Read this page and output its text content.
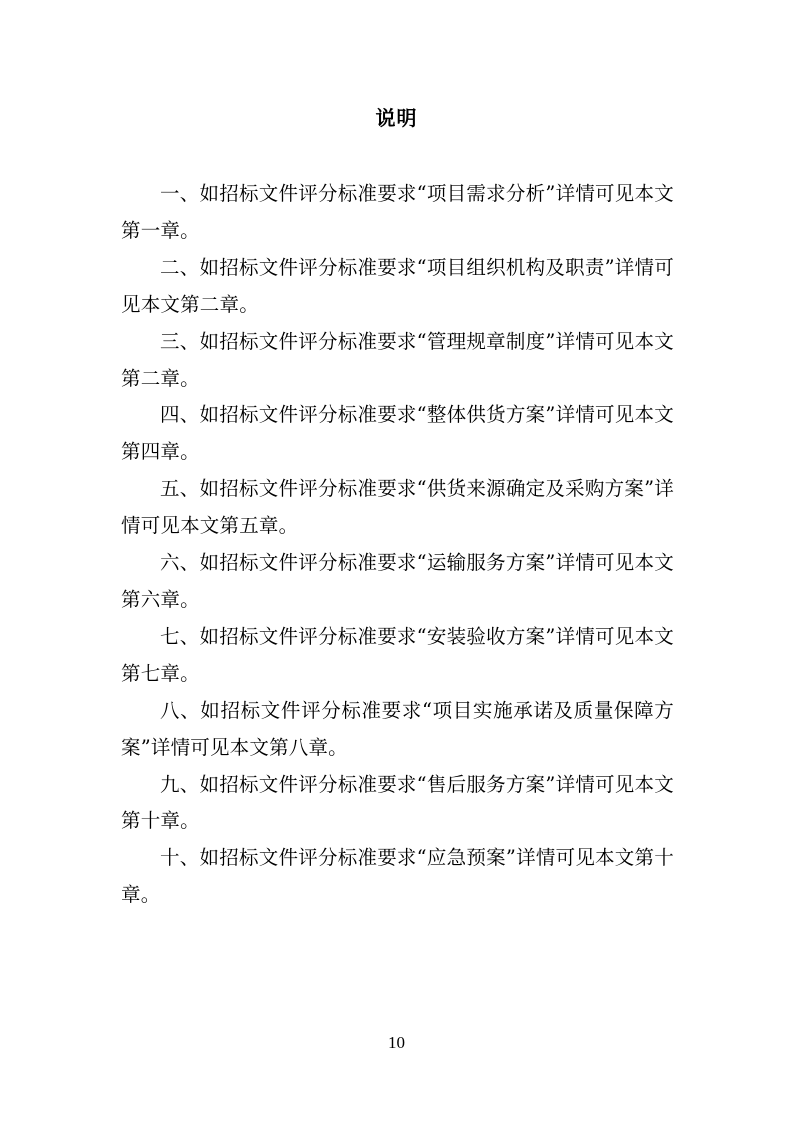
说明

一、如招标文件评分标准要求“项目需求分析”详情可见本文第一章。

二、如招标文件评分标准要求“项目组织机构及职责”详情可见本文第二章。

三、如招标文件评分标准要求“管理规章制度”详情可见本文第二章。

四、如招标文件评分标准要求“整体供货方案”详情可见本文第四章。

五、如招标文件评分标准要求“供货来源确定及采购方案”详情可见本文第五章。

六、如招标文件评分标准要求“运输服务方案”详情可见本文第六章。

七、如招标文件评分标准要求“安装验收方案”详情可见本文第七章。

八、如招标文件评分标准要求“项目实施承诺及质量保障方案”详情可见本文第八章。

九、如招标文件评分标准要求“售后服务方案”详情可见本文第十章。

十、如招标文件评分标准要求“应急预案”详情可见本文第十章。

10
